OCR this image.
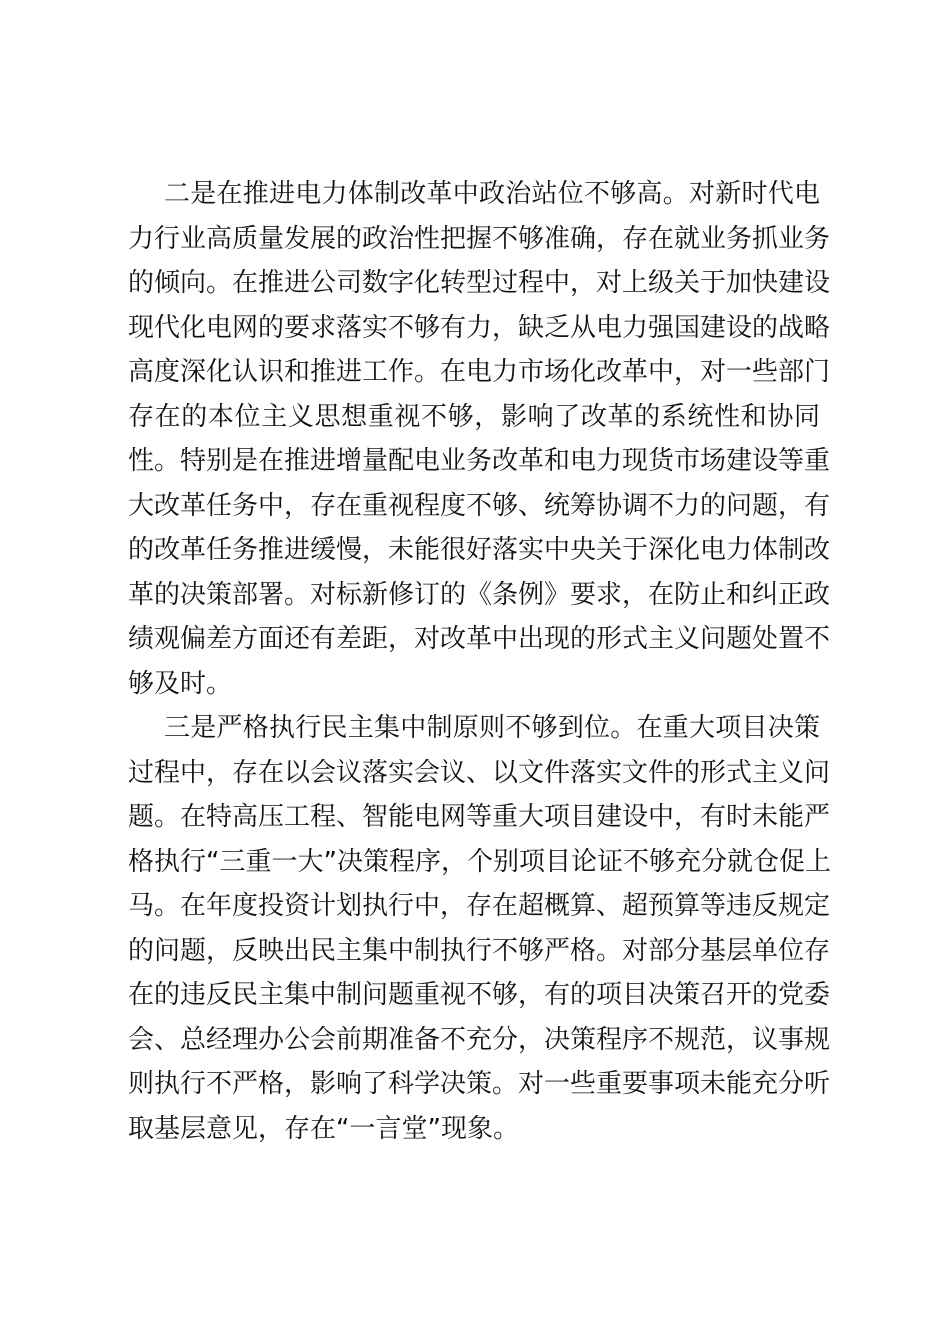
二是在推进电力体制改革中政治站位不够高。对新时代电
力行业高质量发展的政治性把握不够准确，存在就业务抓业务
的倾向。在推进公司数字化转型过程中，对上级关于加快建设
现代化电网的要求落实不够有力，缺乏从电力强国建设的战略
高度深化认识和推进工作。在电力市场化改革中，对一些部门
存在的本位主义思想重视不够，影响了改革的系统性和协同
性。特别是在推进增量配电业务改革和电力现货市场建设等重
大改革任务中，存在重视程度不够、统筹协调不力的问题，有
的改革任务推进缓慢，未能很好落实中央关于深化电力体制改
革的决策部署。对标新修订的《条例》要求，在防止和纠正政
绩观偏差方面还有差距，对改革中出现的形式主义问题处置不
够及时。

三是严格执行民主集中制原则不够到位。在重大项目决策
过程中，存在以会议落实会议、以文件落实文件的形式主义问
题。在特高压工程、智能电网等重大项目建设中，有时未能严
格执行“三重一大”决策程序，个别项目论证不够充分就仓促上
马。在年度投资计划执行中，存在超概算、超预算等违反规定
的问题，反映出民主集中制执行不够严格。对部分基层单位存
在的违反民主集中制问题重视不够，有的项目决策召开的党委
会、总经理办公会前期准备不充分，决策程序不规范，议事规
则执行不严格，影响了科学决策。对一些重要事项未能充分听
取基层意见，存在“一言堂”现象。
